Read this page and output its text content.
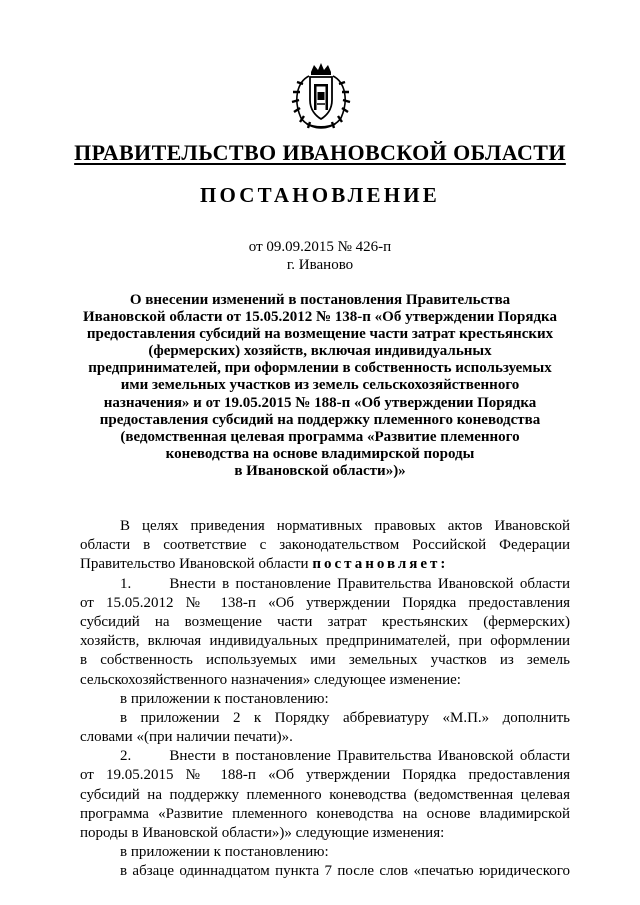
ПРАВИТЕЛЬСТВО ИВАНОВСКОЙ ОБЛАСТИ
ПОСТАНОВЛЕНИЕ
от 09.09.2015 № 426-п
г. Иваново
О внесении изменений в постановления Правительства
Ивановской области от 15.05.2012 № 138-п «Об утверждении Порядка
предоставления субсидий на возмещение части затрат крестьянских
(фермерских) хозяйств, включая индивидуальных
предпринимателей, при оформлении в собственность используемых
ими земельных участков из земель сельскохозяйственного
назначения» и от 19.05.2015 № 188-п «Об утверждении Порядка
предоставления субсидий на поддержку племенного коневодства
(ведомственная целевая программа «Развитие племенного
коневодства на основе владимирской породы
в Ивановской области»)»
В целях приведения нормативных правовых актов Ивановской
области в соответствие с законодательством Российской Федерации
Правительство Ивановской области постановляет:
1.      Внести в постановление Правительства Ивановской области
от 15.05.2012 № 138-п «Об утверждении Порядка предоставления
субсидий на возмещение части затрат крестьянских (фермерских)
хозяйств, включая индивидуальных предпринимателей, при оформлении
в собственность используемых ими земельных участков из земель
сельскохозяйственного назначения» следующее изменение:
в приложении к постановлению:
в приложении 2 к Порядку аббревиатуру «М.П.» дополнить
словами «(при наличии печати)».
2.      Внести в постановление Правительства Ивановской области
от 19.05.2015 № 188-п «Об утверждении Порядка предоставления
субсидий на поддержку племенного коневодства (ведомственная целевая
программа «Развитие племенного коневодства на основе владимирской
породы в Ивановской области»)» следующие изменения:
в приложении к постановлению:
в абзаце одиннадцатом пункта 7 после слов «печатью юридического
